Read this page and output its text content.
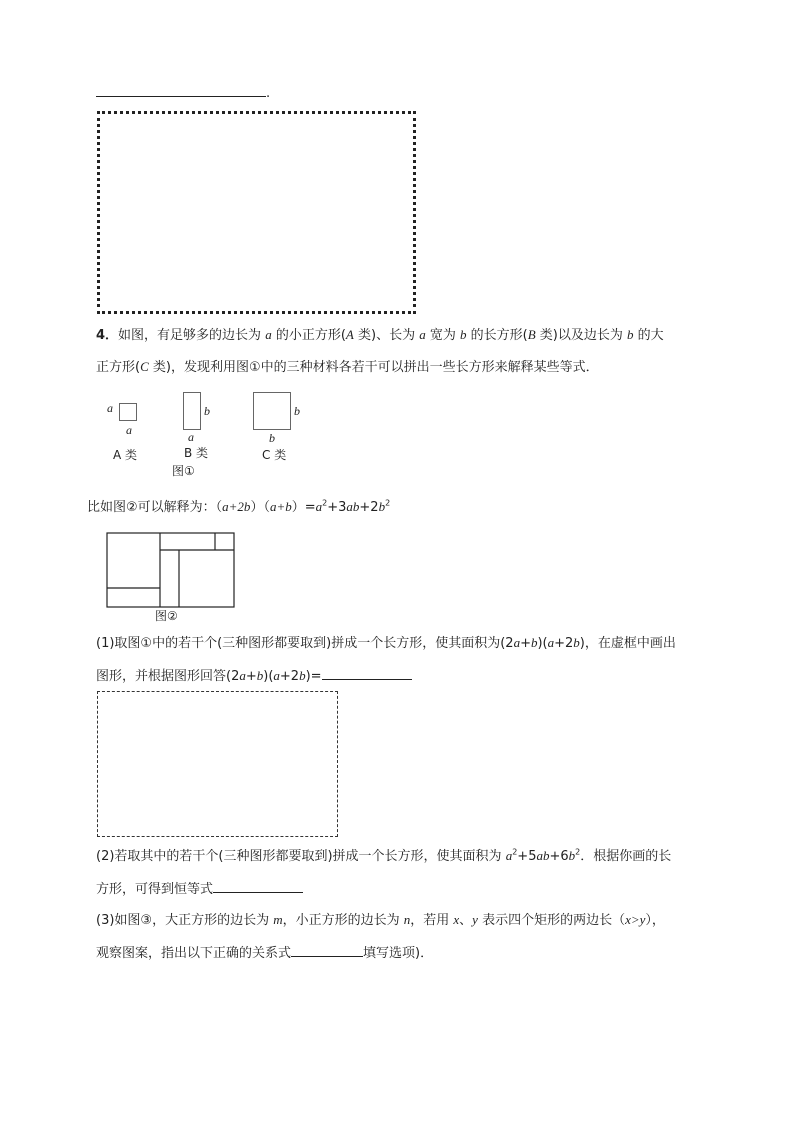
.
4．如图，有足够多的边长为 a 的小正方形(A 类)、长为 a 宽为 b 的长方形(B 类)以及边长为 b 的大
正方形(C 类)，发现利用图①中的三种材料各若干可以拼出一些长方形来解释某些等式．
a
a
A 类
b
a
B 类
b
b
C 类
图①
比如图②可以解释为：$(a+2b)(a+b)=a^2+3ab+2b^2$
图②
(1)取图①中的若干个(三种图形都要取到)拼成一个长方形，使其面积为(2a+b)(a+2b)，在虚框中画出
图形，并根据图形回答(2a+b)(a+2b)=
(2)若取其中的若干个(三种图形都要取到)拼成一个长方形，使其面积为 $a^2+5ab+6b^2$．根据你画的长
方形，可得到恒等式
(3)如图③，大正方形的边长为 m，小正方形的边长为 n，若用 x、y 表示四个矩形的两边长（x>y），
观察图案，指出以下正确的关系式	填写选项)．
